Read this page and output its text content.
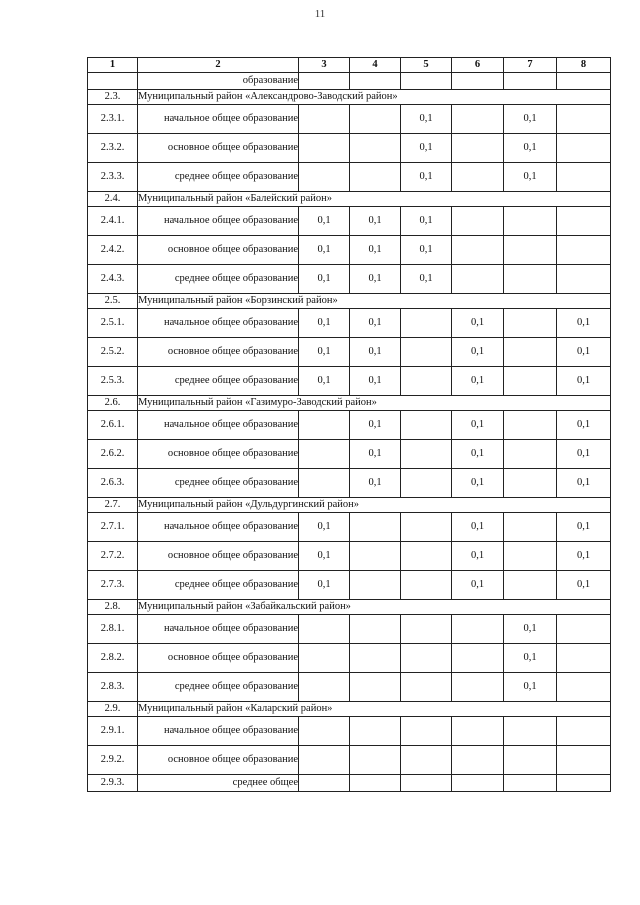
11
1	2	3	4	5	6	7	8
	образование						
2.3.	Муниципальный район «Александрово-Заводский район»						
2.3.1.	начальное общее образование			0,1		0,1	
2.3.2.	основное общее образование			0,1		0,1	
2.3.3.	среднее общее образование			0,1		0,1	
2.4.	Муниципальный район «Балейский район»						
2.4.1.	начальное общее образование	0,1	0,1	0,1			
2.4.2.	основное общее образование	0,1	0,1	0,1			
2.4.3.	среднее общее образование	0,1	0,1	0,1			
2.5.	Муниципальный район «Борзинский район»						
2.5.1.	начальное общее образование	0,1	0,1		0,1		0,1
2.5.2.	основное общее образование	0,1	0,1		0,1		0,1
2.5.3.	среднее общее образование	0,1	0,1		0,1		0,1
2.6.	Муниципальный район «Газимуро-Заводский район»						
2.6.1.	начальное общее образование		0,1		0,1		0,1
2.6.2.	основное общее образование		0,1		0,1		0,1
2.6.3.	среднее общее образование		0,1		0,1		0,1
2.7.	Муниципальный район «Дульдургинский район»						
2.7.1.	начальное общее образование	0,1			0,1		0,1
2.7.2.	основное общее образование	0,1			0,1		0,1
2.7.3.	среднее общее образование	0,1			0,1		0,1
2.8.	Муниципальный район «Забайкальский район»						
2.8.1.	начальное общее образование					0,1	
2.8.2.	основное общее образование					0,1	
2.8.3.	среднее общее образование					0,1	
2.9.	Муниципальный район «Каларский район»						
2.9.1.	начальное общее образование						
2.9.2.	основное общее образование						
2.9.3.	среднее общее						
